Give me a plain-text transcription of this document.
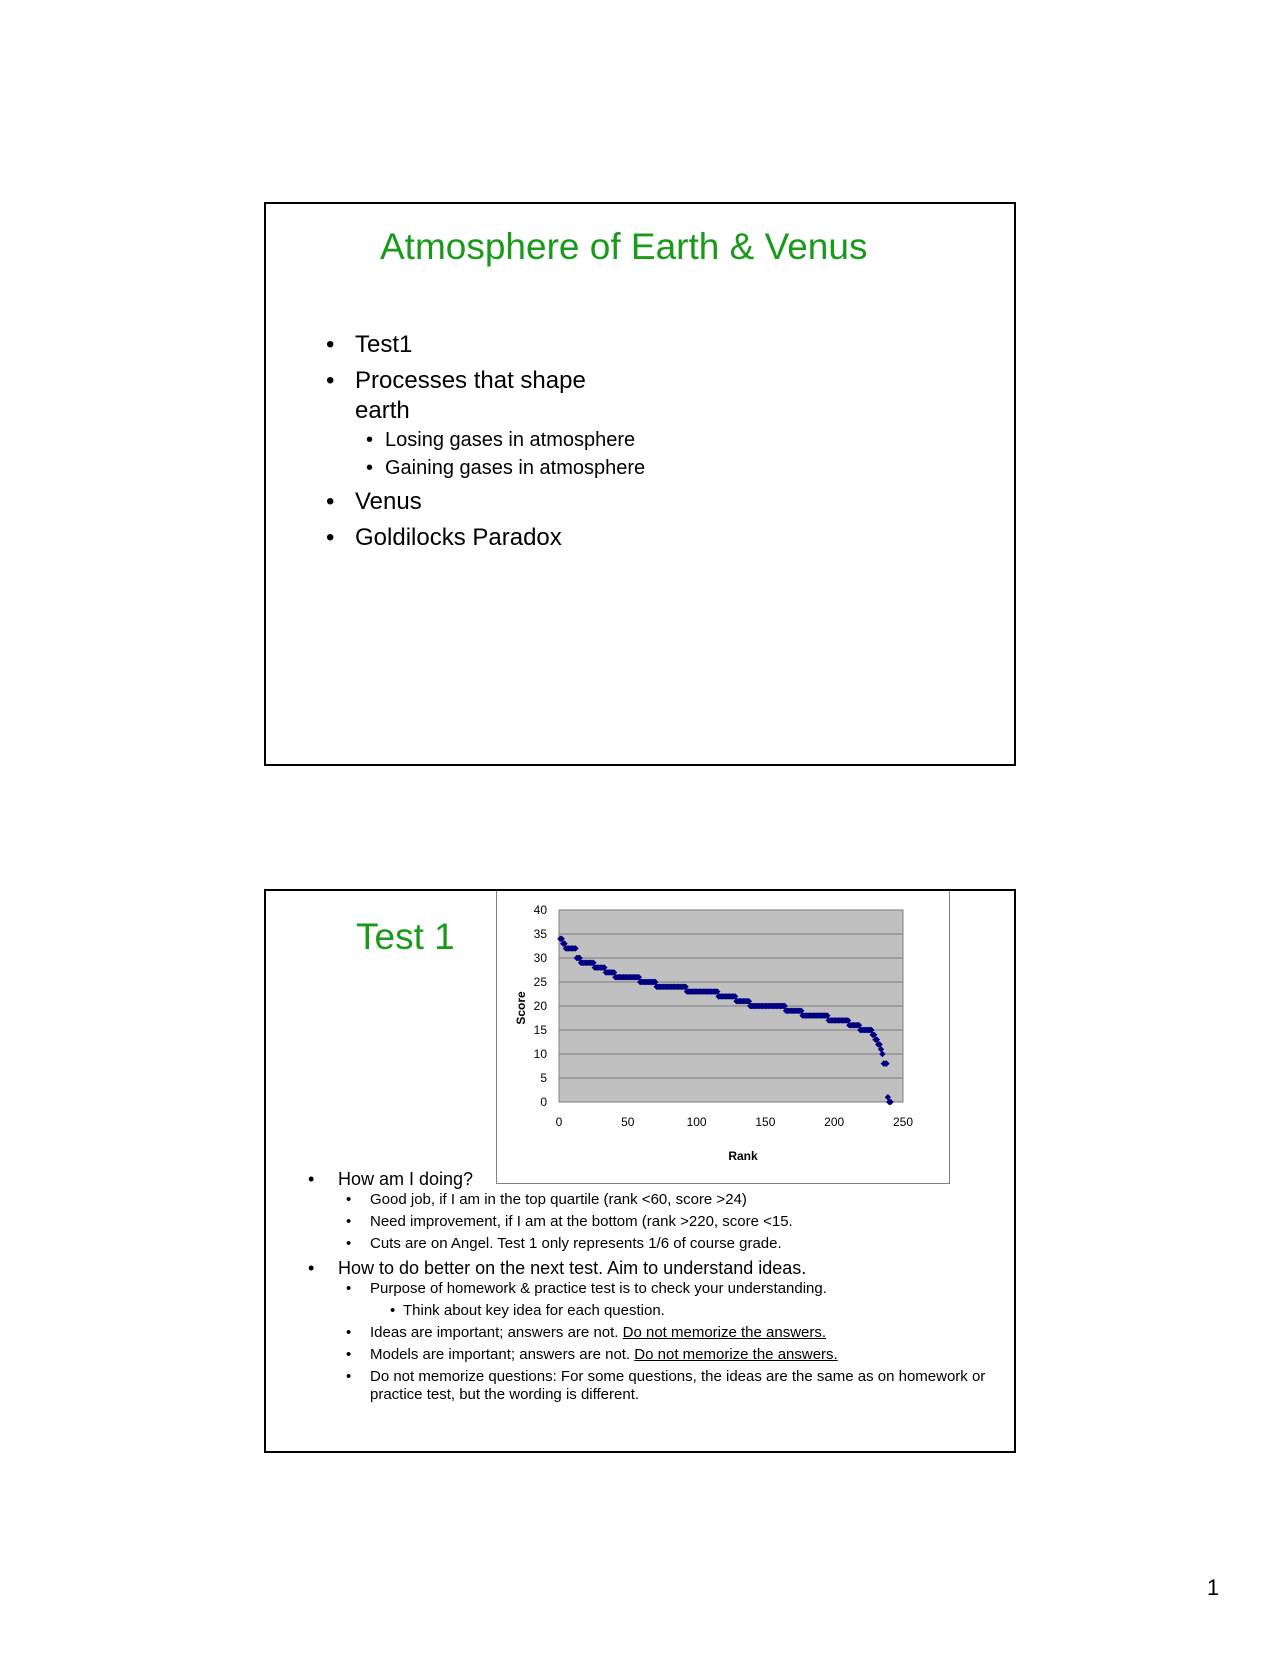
Atmosphere of Earth & Venus
• Test1
• Processes that shape earth
• Losing gases in atmosphere
• Gaining gases in atmosphere
• Venus
• Goldilocks Paradox
Test 1
0
5
10
15
20
25
30
35
40
0	50	100	150	200	250
Rank
Score
• How am I doing?
• Good job, if I am in the top quartile (rank <60, score >24)
• Need improvement, if I am at the bottom (rank >220, score <15.
• Cuts are on Angel. Test 1 only represents 1/6 of course grade.
• How to do better on the next test. Aim to understand ideas.
• Purpose of homework & practice test is to check your understanding.
• Think about key idea for each question.
• Ideas are important; answers are not. Do not memorize the answers.
• Models are important; answers are not. Do not memorize the answers.
• Do not memorize questions: For some questions, the ideas are the same as on homework or practice test, but the wording is different.
1
